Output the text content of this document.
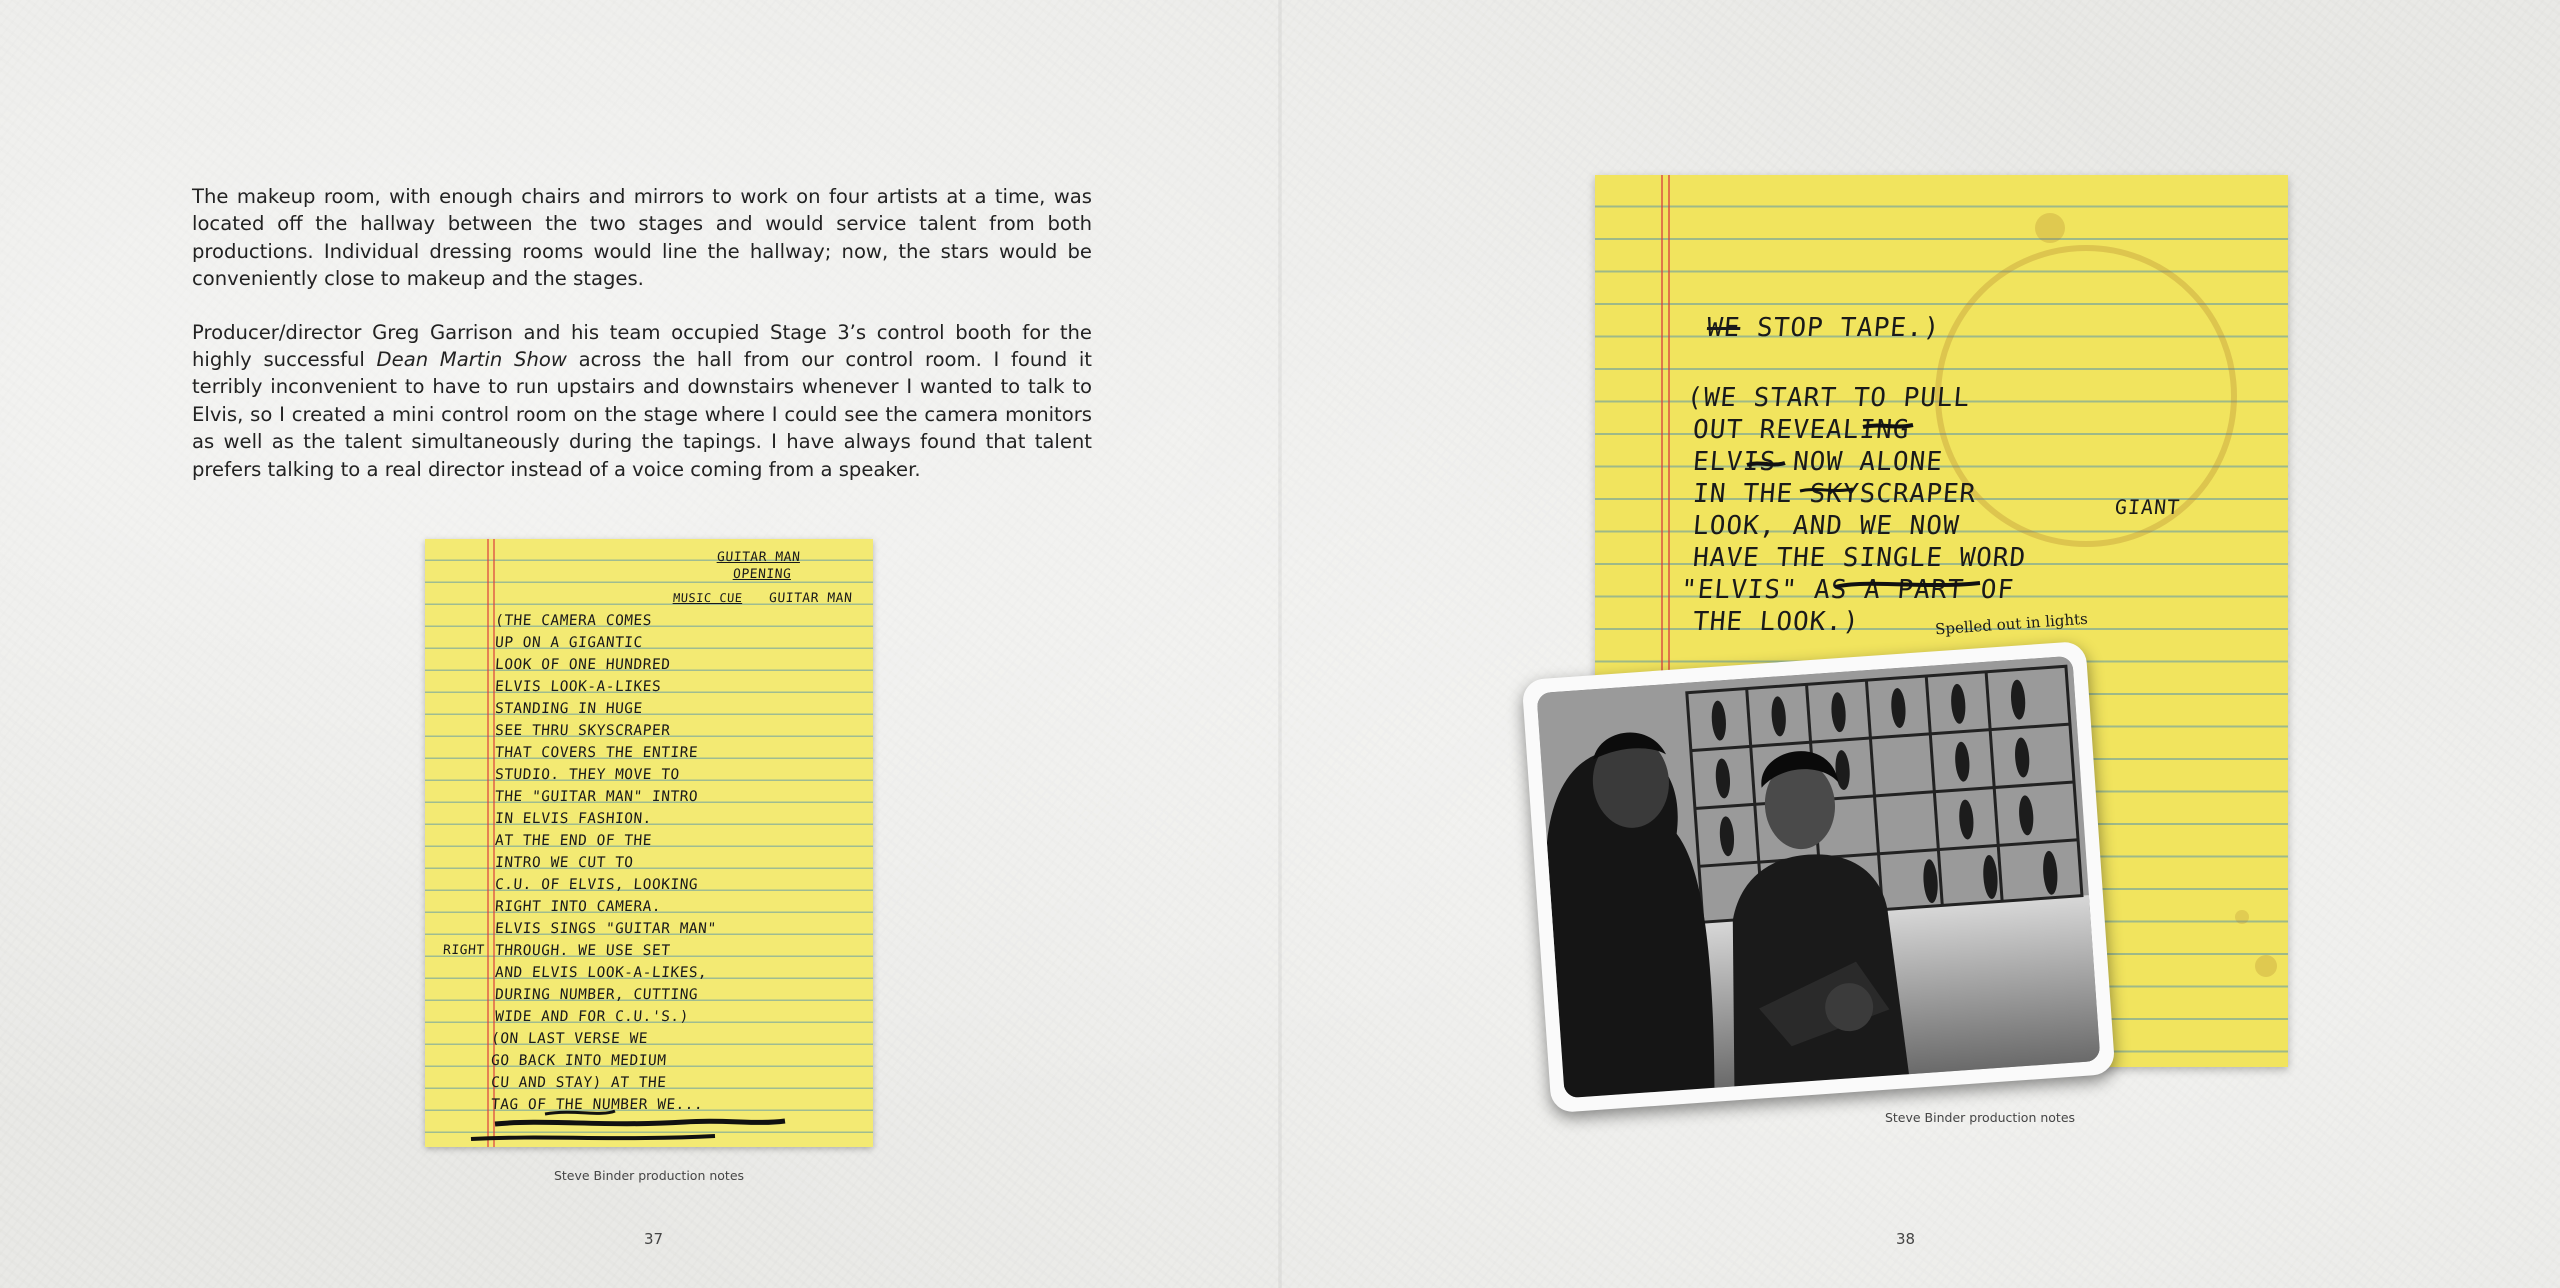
The makeup room, with enough chairs and mirrors to work on four artists at a time, was located off the hallway between the two stages and would service talent from both productions. Individual dressing rooms would line the hallway; now, the stars would be conveniently close to makeup and the stages.

Producer/director Greg Garrison and his team occupied Stage 3’s control booth for the highly successful Dean Martin Show across the hall from our control room. I found it terribly inconvenient to have to run upstairs and downstairs whenever I wanted to talk to Elvis, so I created a mini control room on the stage where I could see the camera monitors as well as the talent simultaneously during the tapings. I have always found that talent prefers talking to a real director instead of a voice coming from a speaker.

GUITAR MAN
OPENING
MUSIC CUE GUITAR MAN
(THE CAMERA COMES
UP ON A GIGANTIC
LOOK OF ONE HUNDRED
ELVIS LOOK-A-LIKES
STANDING IN HUGE
SEE THRU SKYSCRAPER
THAT COVERS THE ENTIRE
STUDIO. THEY MOVE TO
THE "GUITAR MAN" INTRO
IN ELVIS FASHION.
AT THE END OF THE
INTRO WE CUT TO
C.U. OF ELVIS, LOOKING
RIGHT INTO CAMERA.
ELVIS SINGS "GUITAR MAN"
RIGHT THROUGH. WE USE SET
AND ELVIS LOOK-A-LIKES,
DURING NUMBER, CUTTING
WIDE AND FOR C.U.'S.)
(ON LAST VERSE WE
GO BACK INTO MEDIUM
CU AND STAY) AT THE
TAG OF THE NUMBER WE...
Steve Binder production notes
37
Steve Binder production notes
38
WE STOP TAPE.)
(WE START TO PULL
OUT REVEALING
ELVIS NOW ALONE
IN THE SKYSCRAPER
LOOK, AND WE NOW
GIANT
HAVE THE SINGLE WORD
"ELVIS" AS A PART OF
THE LOOK.)	Spelled out in lights
